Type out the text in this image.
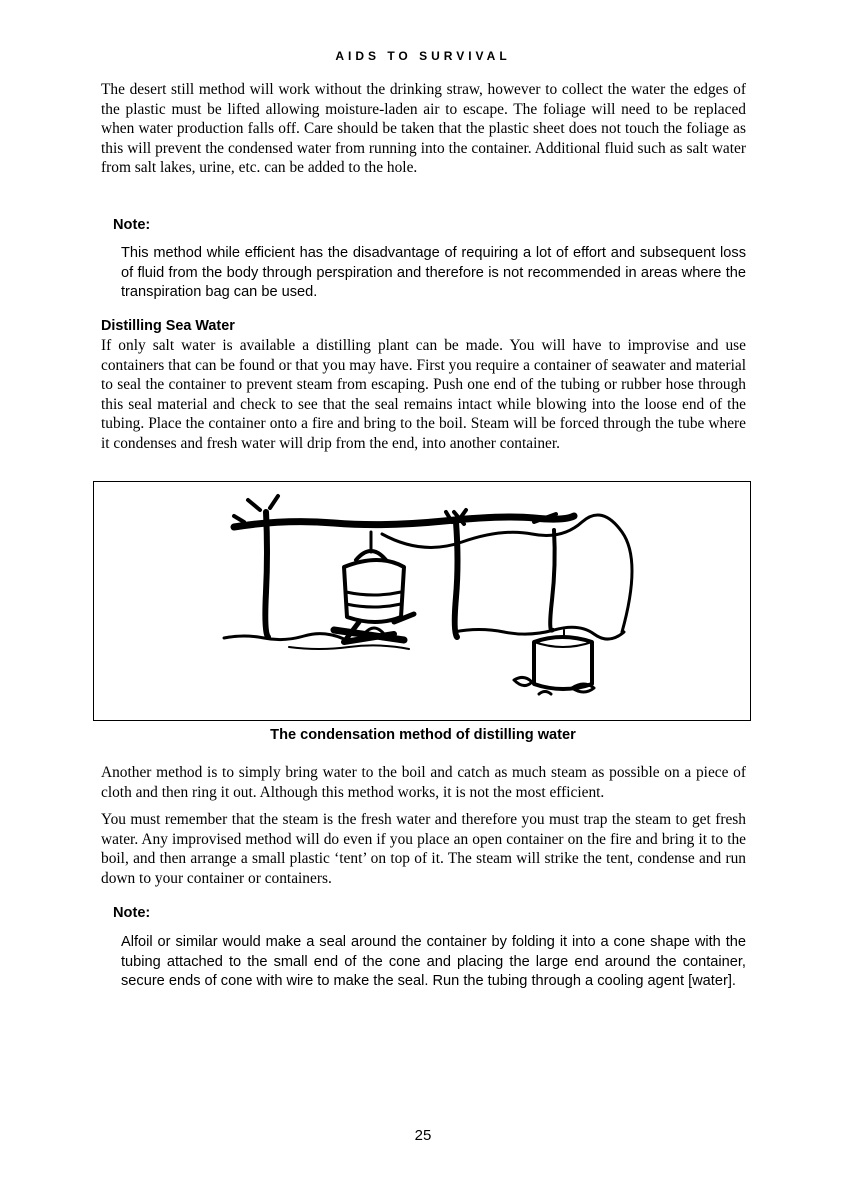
AIDS TO SURVIVAL

The desert still method will work without the drinking straw, however to collect the water the edges of the plastic must be lifted allowing moisture-laden air to escape. The foliage will need to be replaced when water production falls off. Care should be taken that the plastic sheet does not touch the foliage as this will prevent the condensed water from running into the container. Additional fluid such as salt water from salt lakes, urine, etc. can be added to the hole.

Note:

This method while efficient has the disadvantage of requiring a lot of effort and subsequent loss of fluid from the body through perspiration and therefore is not recommended in areas where the transpiration bag can be used.

Distilling Sea Water

If only salt water is available a distilling plant can be made. You will have to improvise and use containers that can be found or that you may have. First you require a container of seawater and material to seal the container to prevent steam from escaping. Push one end of the tubing or rubber hose through this seal material and check to see that the seal remains intact while blowing into the loose end of the tubing. Place the container onto a fire and bring to the boil. Steam will be forced through the tube where it condenses and fresh water will drip from the end, into another container.

The condensation method of distilling water

Another method is to simply bring water to the boil and catch as much steam as possible on a piece of cloth and then ring it out. Although this method works, it is not the most efficient.

You must remember that the steam is the fresh water and therefore you must trap the steam to get fresh water. Any improvised method will do even if you place an open container on the fire and bring it to the boil, and then arrange a small plastic ‘tent’ on top of it. The steam will strike the tent, condense and run down to your container or containers.

Note:

Alfoil or similar would make a seal around the container by folding it into a cone shape with the tubing attached to the small end of the cone and placing the large end around the container, secure ends of cone with wire to make the seal. Run the tubing through a cooling agent [water].

25
